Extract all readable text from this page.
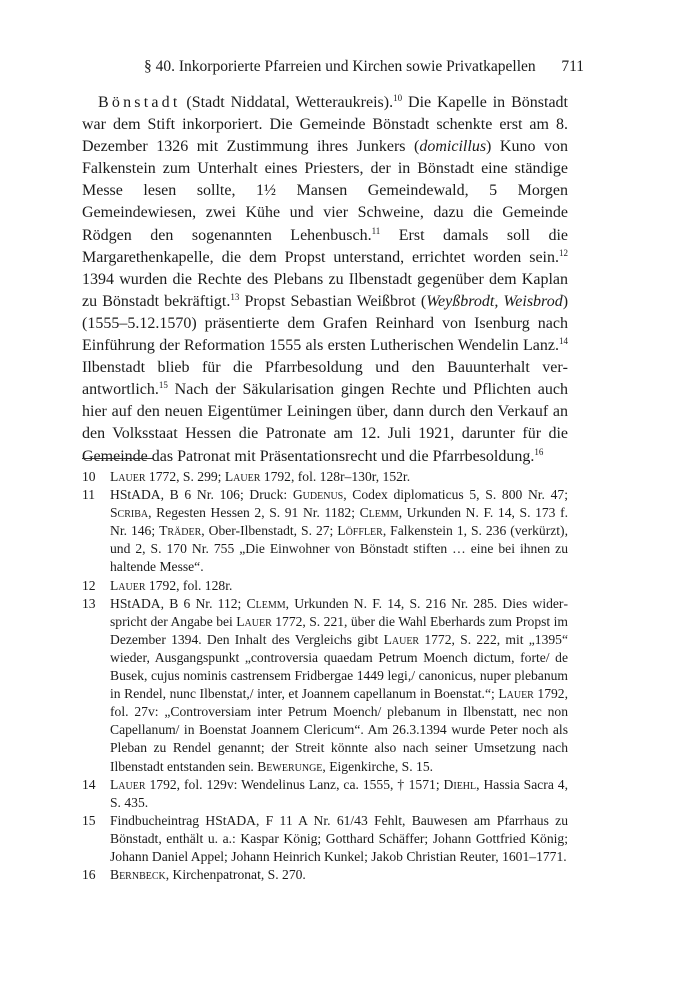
§ 40. Inkorporierte Pfarreien und Kirchen sowie Privatkapellen 711

Bönstadt (Stadt Niddatal, Wetteraukreis).$^{10}$ Die Kapelle in Bönstadt war dem Stift inkorporiert. Die Gemeinde Bönstadt schenkte erst am 8. Dezember 1326 mit Zustimmung ihres Junkers (domicillus) Kuno von Falkenstein zum Unterhalt eines Priesters, der in Bönstadt eine ständige Messe lesen sollte, 1½ Mansen Gemeindewald, 5 Morgen Gemeindewiesen, zwei Kühe und vier Schweine, dazu die Gemeinde Rödgen den sogenannten Lehenbusch.$^{11}$ Erst damals soll die Margarethenkapelle, die dem Propst unterstand, errichtet worden sein.$^{12}$ 1394 wurden die Rechte des Plebans zu Ilbenstadt gegenüber dem Kaplan zu Bönstadt bekräftigt.$^{13}$ Propst Sebastian Weißbrot (Weyßbrodt, Weisbrod) (1555–5.12.1570) präsentierte dem Grafen Reinhard von Isenburg nach Einführung der Reformation 1555 als ersten Lutherischen Wendelin Lanz.$^{14}$ Ilbenstadt blieb für die Pfarrbesoldung und den Bauunterhalt verantwortlich.$^{15}$ Nach der Säkularisation gingen Rechte und Pflichten auch hier auf den neuen Eigentümer Leiningen über, dann durch den Verkauf an den Volksstaat Hessen die Patronate am 12. Juli 1921, darunter für die Gemeinde das Patronat mit Präsentationsrecht und die Pfarrbesoldung.$^{16}$

10 Lauer 1772, S. 299; Lauer 1792, fol. 128r–130r, 152r.
11 HStADA, B 6 Nr. 106; Druck: Gudenus, Codex diplomaticus 5, S. 800 Nr. 47; Scriba, Regesten Hessen 2, S. 91 Nr. 1182; Clemm, Urkunden N. F. 14, S. 173 f. Nr. 146; Träder, Ober-Ilbenstadt, S. 27; Löffler, Falkenstein 1, S. 236 (verkürzt), und 2, S. 170 Nr. 755 „Die Einwohner von Bönstadt stiften … eine bei ihnen zu haltende Messe“.
12 Lauer 1792, fol. 128r.
13 HStADA, B 6 Nr. 112; Clemm, Urkunden N. F. 14, S. 216 Nr. 285. Dies widerspricht der Angabe bei Lauer 1772, S. 221, über die Wahl Eberhards zum Propst im Dezember 1394. Den Inhalt des Vergleichs gibt Lauer 1772, S. 222, mit „1395“ wieder, Ausgangspunkt „controversia quaedam Petrum Moench dictum, forte/ de Busek, cujus nominis castrensem Fridbergae 1449 legi,/ canonicus, nuper plebanum in Rendel, nunc Ilbenstat,/ inter, et Joannem capellanum in Boenstat.“; Lauer 1792, fol. 27v: „Controversiam inter Petrum Moench/ plebanum in Ilbenstatt, nec non Capellanum/ in Boenstat Joannem Clericum“. Am 26.3.1394 wurde Peter noch als Pleban zu Rendel genannt; der Streit könnte also nach seiner Umsetzung nach Ilbenstadt entstanden sein. Bewerunge, Eigenkirche, S. 15.
14 Lauer 1792, fol. 129v: Wendelinus Lanz, ca. 1555, † 1571; Diehl, Hassia Sacra 4, S. 435.
15 Findbucheintrag HStADA, F 11 A Nr. 61/43 Fehlt, Bauwesen am Pfarrhaus zu Bönstadt, enthält u. a.: Kaspar König; Gotthard Schäffer; Johann Gottfried König; Johann Daniel Appel; Johann Heinrich Kunkel; Jakob Christian Reuter, 1601–1771.
16 Bernbeck, Kirchenpatronat, S. 270.
